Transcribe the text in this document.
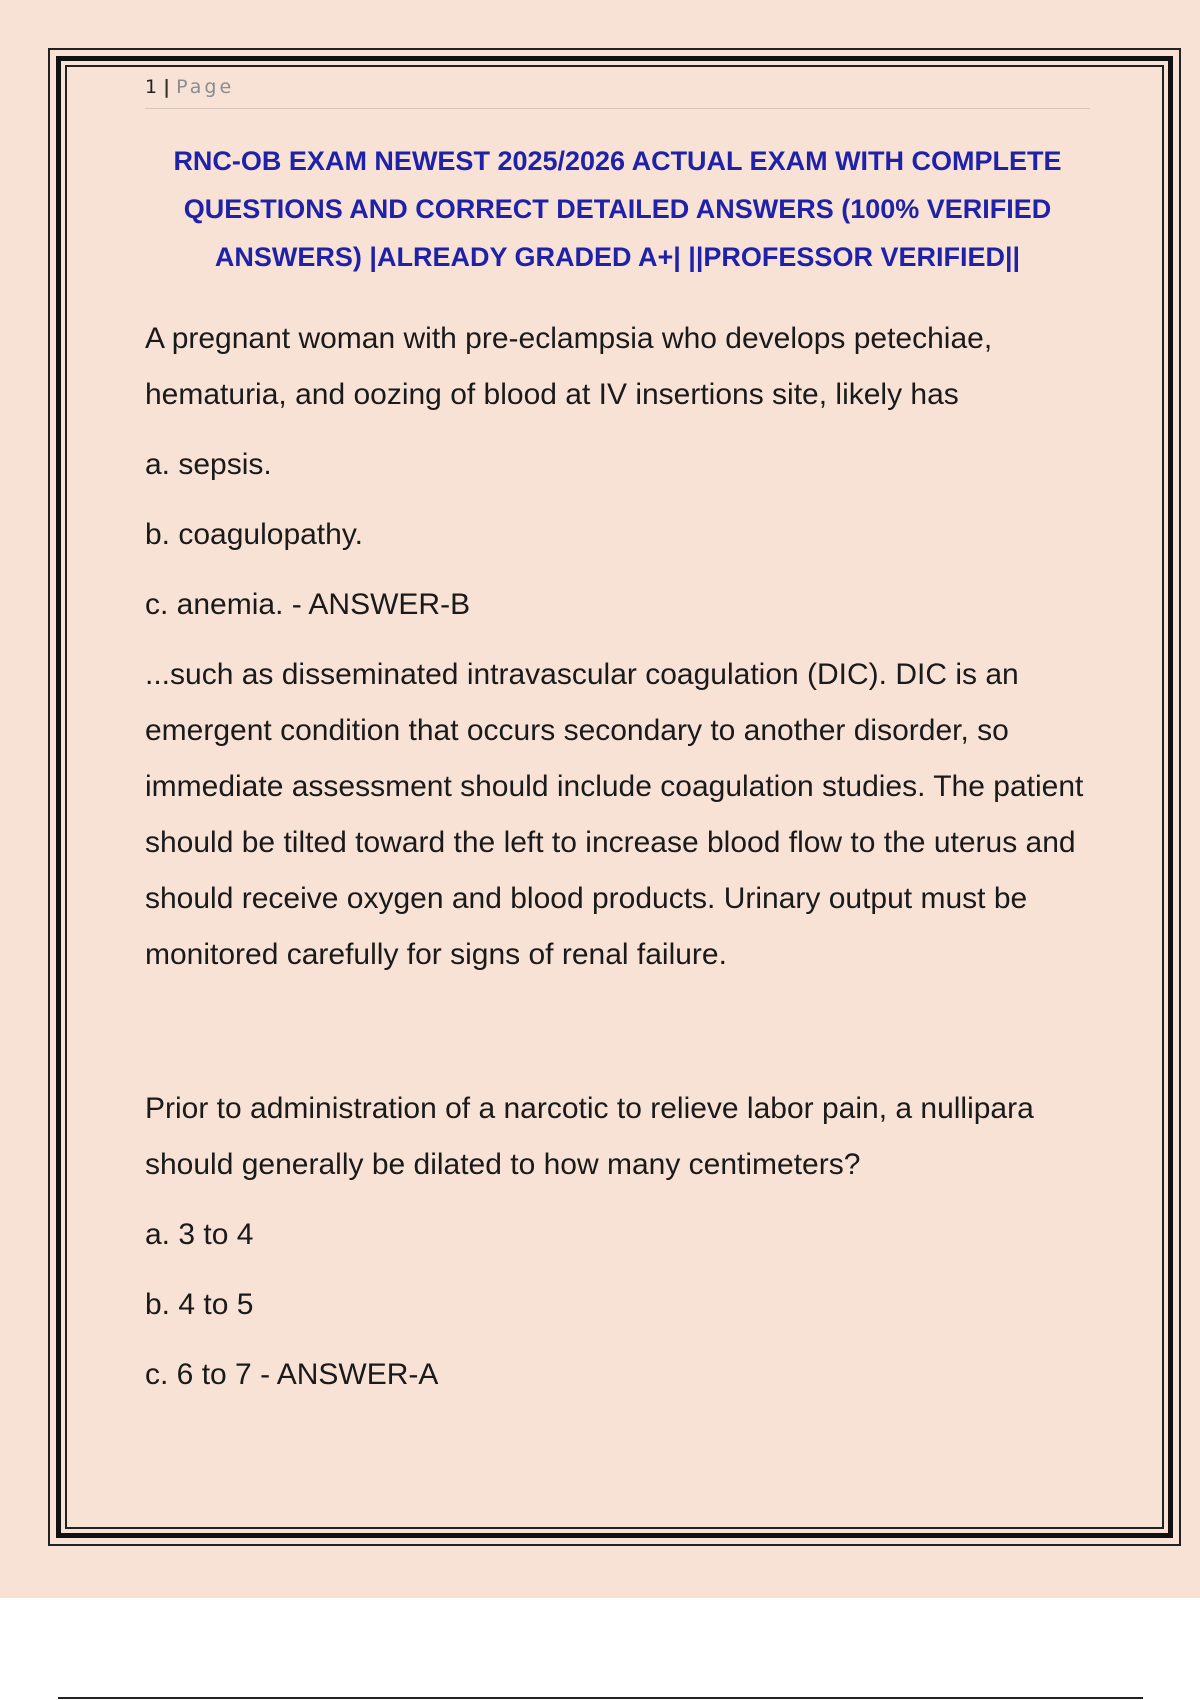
1 | Page
RNC-OB EXAM NEWEST 2025/2026 ACTUAL EXAM WITH COMPLETE
QUESTIONS AND CORRECT DETAILED ANSWERS (100% VERIFIED
ANSWERS) |ALREADY GRADED A+| ||PROFESSOR VERIFIED||

A pregnant woman with pre-eclampsia who develops petechiae, hematuria, and oozing of blood at IV insertions site, likely has

a. sepsis.
b. coagulopathy.
c. anemia. - ANSWER-B

...such as disseminated intravascular coagulation (DIC). DIC is an emergent condition that occurs secondary to another disorder, so immediate assessment should include coagulation studies. The patient should be tilted toward the left to increase blood flow to the uterus and should receive oxygen and blood products. Urinary output must be monitored carefully for signs of renal failure.

Prior to administration of a narcotic to relieve labor pain, a nullipara should generally be dilated to how many centimeters?

a. 3 to 4
b. 4 to 5
c. 6 to 7 - ANSWER-A
